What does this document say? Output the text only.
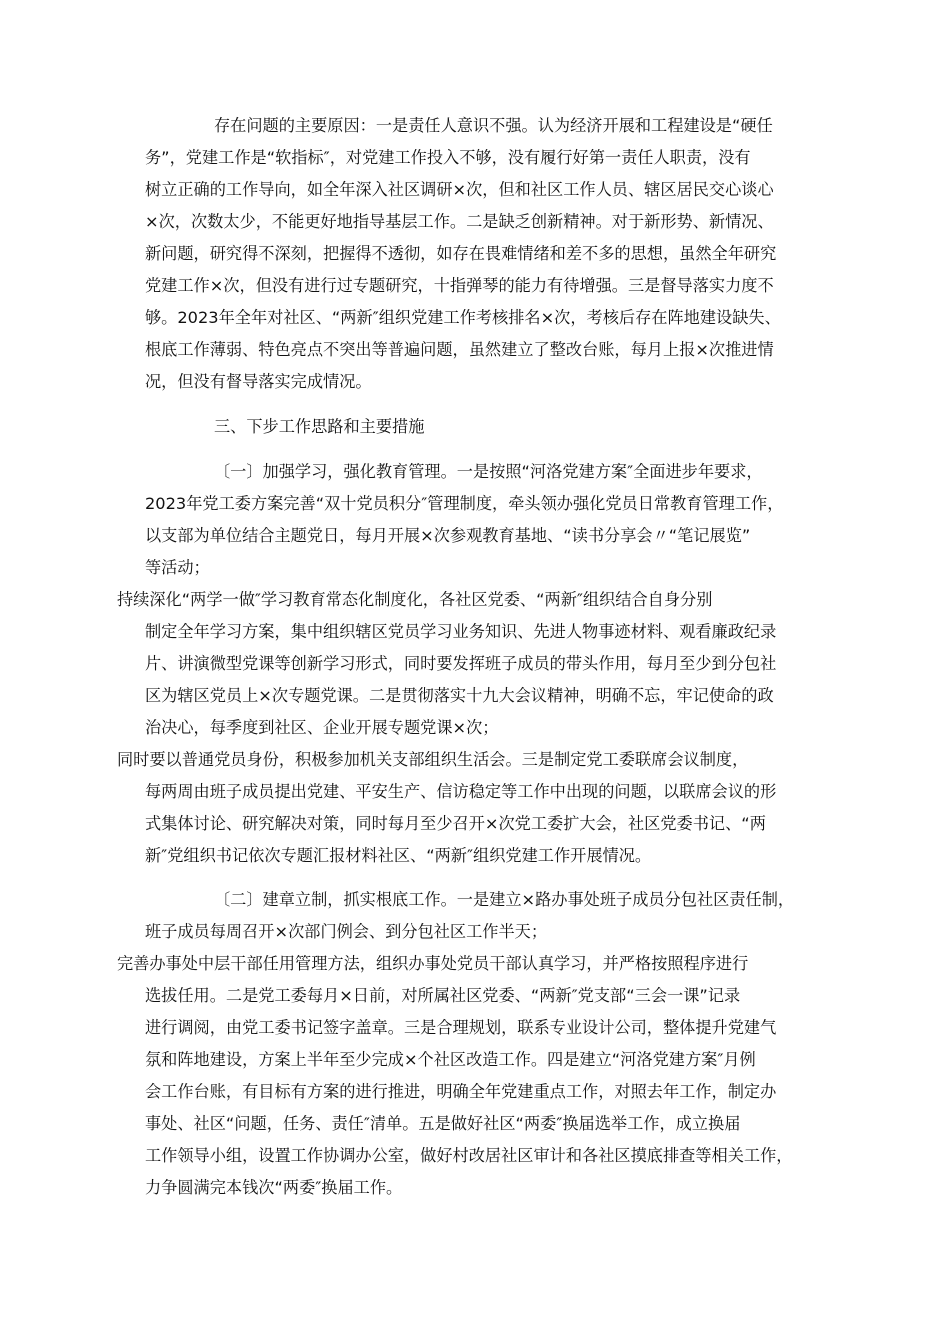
存在问题的主要原因：一是责任人意识不强。认为经济开展和工程建设是“硬任

务”，党建工作是“软指标″，对党建工作投入不够，没有履行好第一责任人职责，没有

树立正确的工作导向，如全年深入社区调研×次，但和社区工作人员、辖区居民交心谈心

×次，次数太少，不能更好地指导基层工作。二是缺乏创新精神。对于新形势、新情况、

新问题，研究得不深刻，把握得不透彻，如存在畏难情绪和差不多的思想，虽然全年研究

党建工作×次，但没有进行过专题研究，十指弹琴的能力有待增强。三是督导落实力度不

够。2023年全年对社区、“两新″组织党建工作考核排名×次，考核后存在阵地建设缺失、

根底工作薄弱、特色亮点不突出等普遍问题，虽然建立了整改台账，每月上报×次推进情

况，但没有督导落实完成情况。

三、下步工作思路和主要措施

〔一〕加强学习，强化教育管理。一是按照“河洛党建方案″全面进步年要求，

2023年党工委方案完善“双十党员积分″管理制度，牵头领办强化党员日常教育管理工作，

以支部为单位结合主题党日，每月开展×次参观教育基地、“读书分享会〃“笔记展览”

等活动；

持续深化“两学一做″学习教育常态化制度化，各社区党委、“两新″组织结合自身分别

制定全年学习方案，集中组织辖区党员学习业务知识、先进人物事迹材料、观看廉政纪录

片、讲演微型党课等创新学习形式，同时要发挥班子成员的带头作用，每月至少到分包社

区为辖区党员上×次专题党课。二是贯彻落实十九大会议精神，明确不忘，牢记使命的政

治决心，每季度到社区、企业开展专题党课×次；

同时要以普通党员身份，积极参加机关支部组织生活会。三是制定党工委联席会议制度，

每两周由班子成员提出党建、平安生产、信访稳定等工作中出现的问题，以联席会议的形

式集体讨论、研究解决对策，同时每月至少召开×次党工委扩大会，社区党委书记、“两

新″党组织书记依次专题汇报材料社区、“两新″组织党建工作开展情况。

〔二〕建章立制，抓实根底工作。一是建立×路办事处班子成员分包社区责任制，

班子成员每周召开×次部门例会、到分包社区工作半天；

完善办事处中层干部任用管理方法，组织办事处党员干部认真学习，并严格按照程序进行

选拔任用。二是党工委每月×日前，对所属社区党委、“两新″党支部“三会一课”记录

进行调阅，由党工委书记签字盖章。三是合理规划，联系专业设计公司，整体提升党建气

氛和阵地建设，方案上半年至少完成×个社区改造工作。四是建立“河洛党建方案″月例

会工作台账，有目标有方案的进行推进，明确全年党建重点工作，对照去年工作，制定办

事处、社区“问题，任务、责任″清单。五是做好社区“两委″换届选举工作，成立换届

工作领导小组，设置工作协调办公室，做好村改居社区审计和各社区摸底排查等相关工作，

力争圆满完本钱次“两委″换届工作。
